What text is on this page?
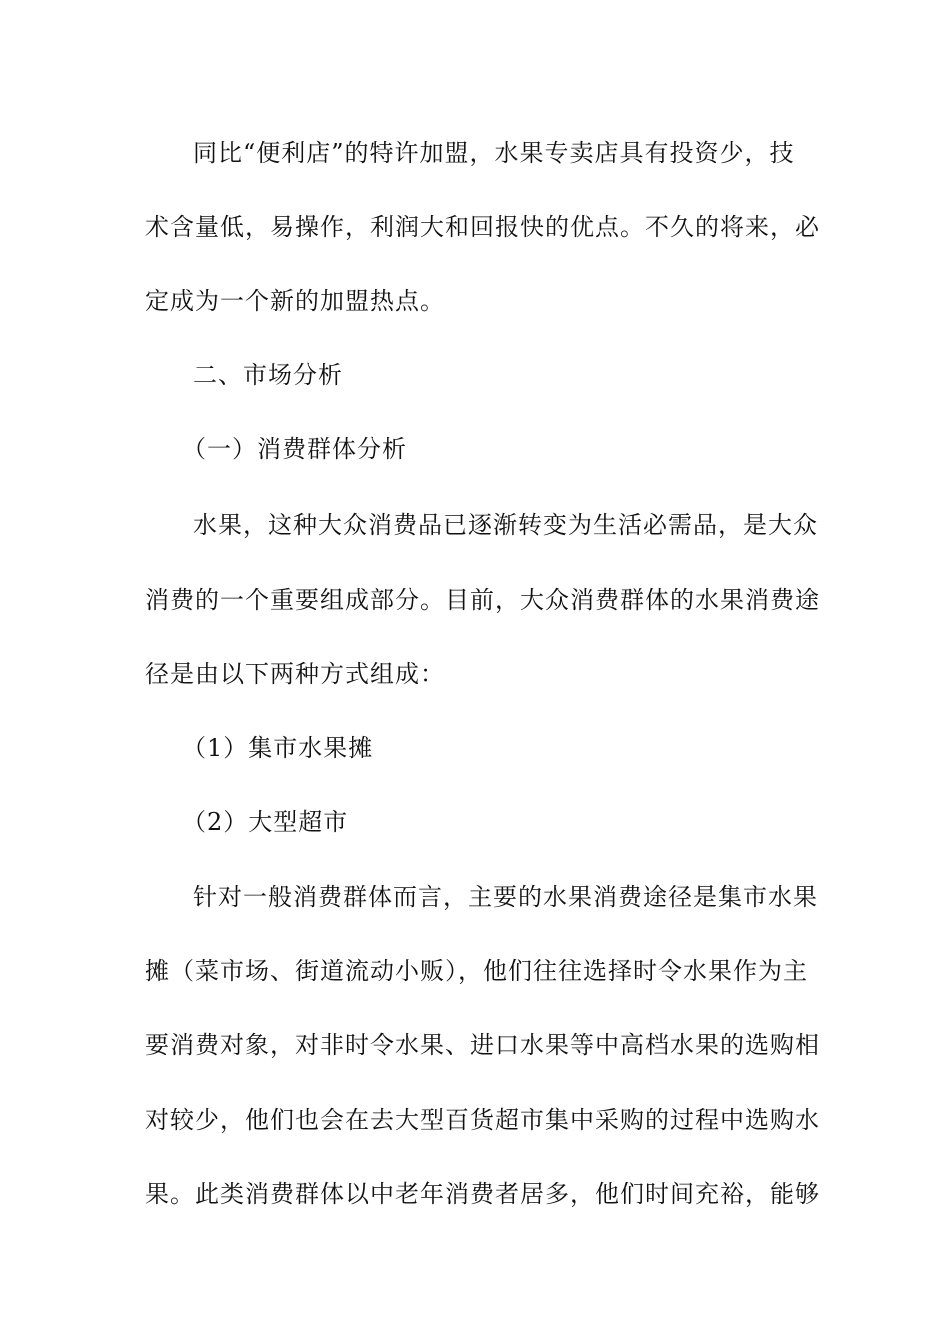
同比“便利店”的特许加盟，水果专卖店具有投资少，技
术含量低，易操作，利润大和回报快的优点。不久的将来，必
定成为一个新的加盟热点。
二、市场分析
（一）消费群体分析
水果，这种大众消费品已逐渐转变为生活必需品，是大众
消费的一个重要组成部分。目前，大众消费群体的水果消费途
径是由以下两种方式组成：
（1）集市水果摊
（2）大型超市
针对一般消费群体而言，主要的水果消费途径是集市水果
摊（菜市场、街道流动小贩），他们往往选择时令水果作为主
要消费对象，对非时令水果、进口水果等中高档水果的选购相
对较少，他们也会在去大型百货超市集中采购的过程中选购水
果。此类消费群体以中老年消费者居多，他们时间充裕，能够
